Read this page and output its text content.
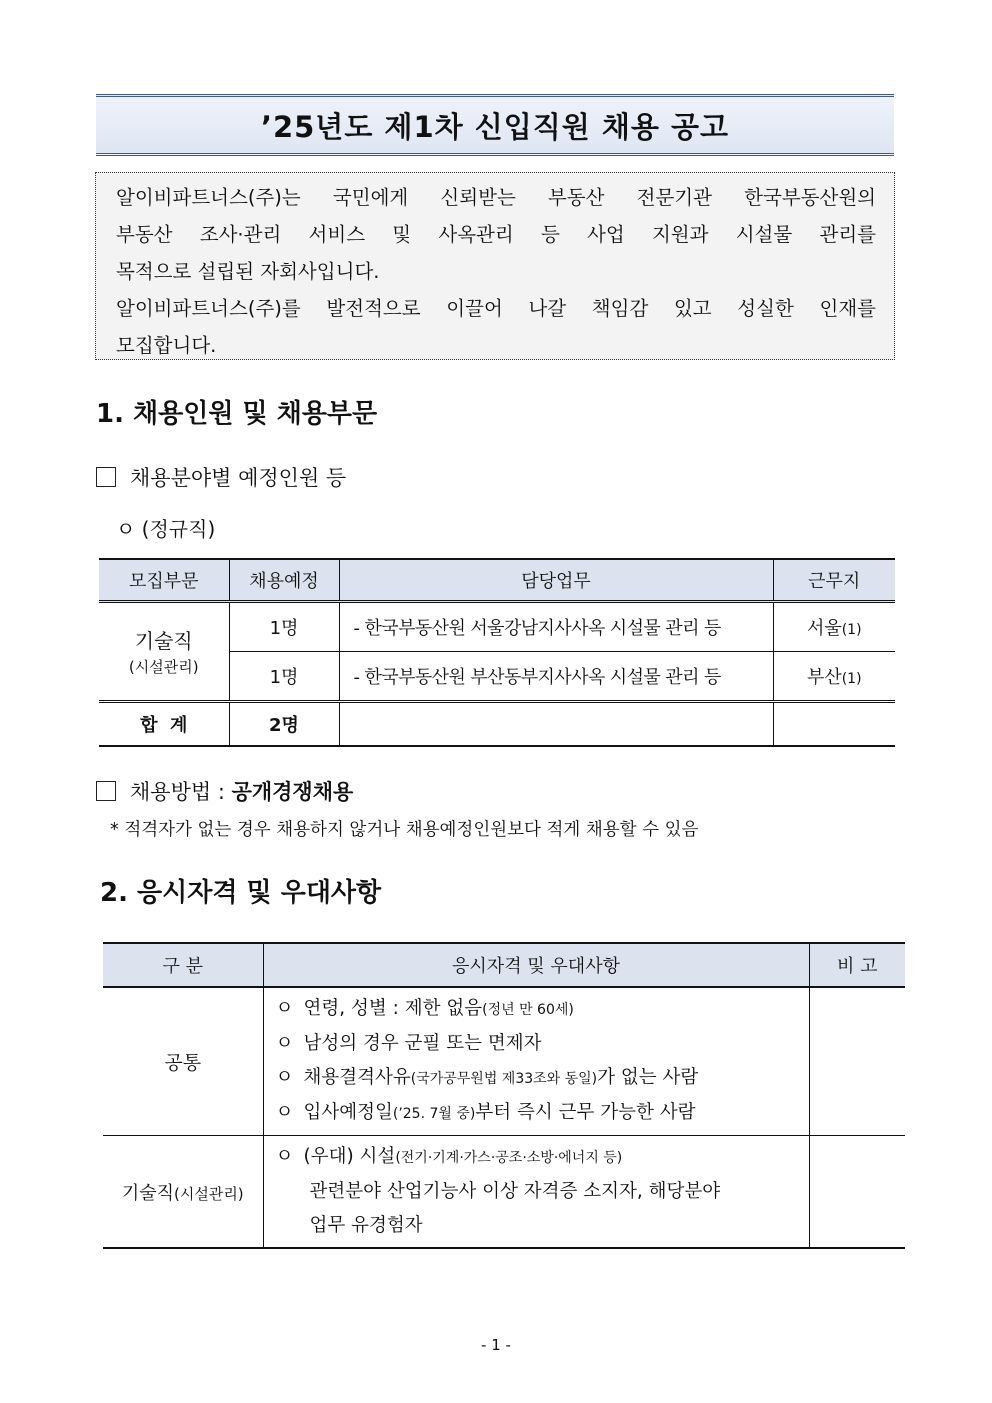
’25년도 제1차 신입직원 채용 공고

알이비파트너스(주)는 국민에게 신뢰받는 부동산 전문기관 한국부동산원의

부동산 조사·관리 서비스 및 사옥관리 등 사업 지원과 시설물 관리를

목적으로 설립된 자회사입니다.

알이비파트너스(주)를 발전적으로 이끌어 나갈 책임감 있고 성실한 인재를

모집합니다.

1. 채용인원 및 채용부문
채용분야별 예정인원 등
ㅇ (정규직)
모집부문	채용예정	담당업무	근무지

기술직
(시설관리)	1명	- 한국부동산원 서울강남지사사옥 시설물 관리 등	서울(1)
	1명	- 한국부동산원 부산동부지사사옥 시설물 관리 등	부산(1)
합  계	2명		
채용방법 : 공개경쟁채용
* 적격자가 없는 경우 채용하지 않거나 채용예정인원보다 적게 채용할 수 있음
2. 응시자격 및 우대사항
구 분	응시자격 및 우대사항	비 고
공통	ㅇ 연령, 성별 : 제한 없음(정년 만 60세)
ㅇ 남성의 경우 군필 또는 면제자
ㅇ 채용결격사유(국가공무원법 제33조와 동일)가 없는 사람
ㅇ 입사예정일(’25. 7월 중)부터 즉시 근무 가능한 사람	

기술직(시설관리)	ㅇ (우대) 시설(전기·기계·가스·공조·소방·에너지 등)
관련분야 산업기능사 이상 자격증 소지자, 해당분야
업무 유경험자	

- 1 -
